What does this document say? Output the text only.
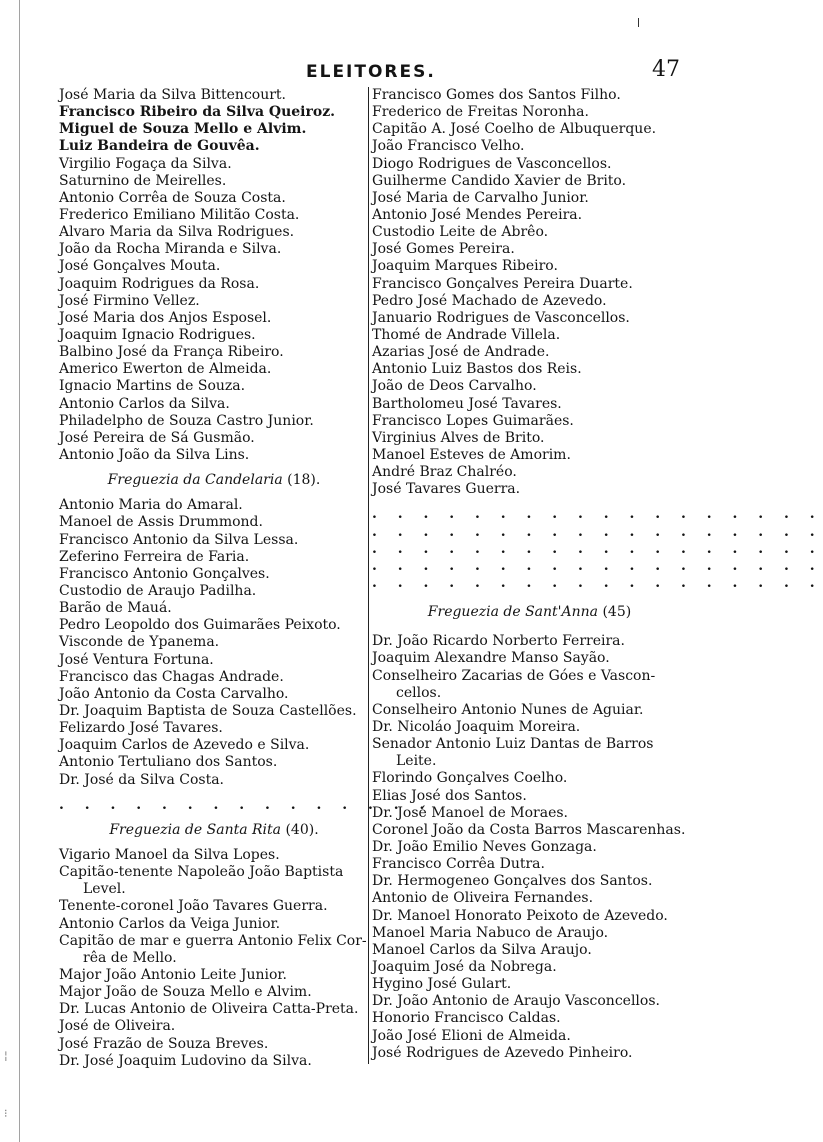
¦
⁝
ELEITORES.	47
José Maria da Silva Bittencourt.
Francisco Ribeiro da Silva Queiroz.
Miguel de Souza Mello e Alvim.
Luiz Bandeira de Gouvêa.
Virgilio Fogaça da Silva.
Saturnino de Meirelles.
Antonio Corrêa de Souza Costa.
Frederico Emiliano Militão Costa.
Alvaro Maria da Silva Rodrigues.
João da Rocha Miranda e Silva.
José Gonçalves Mouta.
Joaquim Rodrigues da Rosa.
José Firmino Vellez.
José Maria dos Anjos Esposel.
Joaquim Ignacio Rodrigues.
Balbino José da França Ribeiro.
Americo Ewerton de Almeida.
Ignacio Martins de Souza.
Antonio Carlos da Silva.
Philadelpho de Souza Castro Junior.
José Pereira de Sá Gusmão.
Antonio João da Silva Lins.
Freguezia da Candelaria (18).
Antonio Maria do Amaral.
Manoel de Assis Drummond.
Francisco Antonio da Silva Lessa.
Zeferino Ferreira de Faria.
Francisco Antonio Gonçalves.
Custodio de Araujo Padilha.
Barão de Mauá.
Pedro Leopoldo dos Guimarães Peixoto.
Visconde de Ypanema.
José Ventura Fortuna.
Francisco das Chagas Andrade.
João Antonio da Costa Carvalho.
Dr. Joaquim Baptista de Souza Castellões.
Felizardo José Tavares.
Joaquim Carlos de Azevedo e Silva.
Antonio Tertuliano dos Santos.
Dr. José da Silva Costa.
. . . . . . . . . . . . . . .
Freguezia de Santa Rita (40).
Vigario Manoel da Silva Lopes.
Capitão-tenente Napoleão João Baptista
Level.
Tenente-coronel João Tavares Guerra.
Antonio Carlos da Veiga Junior.
Capitão de mar e guerra Antonio Felix Cor-
rêa de Mello.
Major João Antonio Leite Junior.
Major João de Souza Mello e Alvim.
Dr. Lucas Antonio de Oliveira Catta-Preta.
José de Oliveira.
José Frazão de Souza Breves.
Dr. José Joaquim Ludovino da Silva.
Francisco Gomes dos Santos Filho.
Frederico de Freitas Noronha.
Capitão A. José Coelho de Albuquerque.
João Francisco Velho.
Diogo Rodrigues de Vasconcellos.
Guilherme Candido Xavier de Brito.
José Maria de Carvalho Junior.
Antonio José Mendes Pereira.
Custodio Leite de Abrêo.
José Gomes Pereira.
Joaquim Marques Ribeiro.
Francisco Gonçalves Pereira Duarte.
Pedro José Machado de Azevedo.
Januario Rodrigues de Vasconcellos.
Thomé de Andrade Villela.
Azarias José de Andrade.
Antonio Luiz Bastos dos Reis.
João de Deos Carvalho.
Bartholomeu José Tavares.
Francisco Lopes Guimarães.
Virginius Alves de Brito.
Manoel Esteves de Amorim.
André Braz Chalréo.
José Tavares Guerra.
. . . . . . . . . . . . . . . . . .
. . . . . . . . . . . . . . . . . .
. . . . . . . . . . . . . . . . . .
. . . . . . . . . . . . . . . . . .
. . . . . . . . . . . . . . . . . .
Freguezia de Sant'Anna (45)
Dr. João Ricardo Norberto Ferreira.
Joaquim Alexandre Manso Sayão.
Conselheiro Zacarias de Góes e Vascon-
cellos.
Conselheiro Antonio Nunes de Aguiar.
Dr. Nicoláo Joaquim Moreira.
Senador Antonio Luiz Dantas de Barros
Leite.
Florindo Gonçalves Coelho.
Elias José dos Santos.
Dr. José Manoel de Moraes.
Coronel João da Costa Barros Mascarenhas.
Dr. João Emilio Neves Gonzaga.
Francisco Corrêa Dutra.
Dr. Hermogeneo Gonçalves dos Santos.
Antonio de Oliveira Fernandes.
Dr. Manoel Honorato Peixoto de Azevedo.
Manoel Maria Nabuco de Araujo.
Manoel Carlos da Silva Araujo.
Joaquim José da Nobrega.
Hygino José Gulart.
Dr. João Antonio de Araujo Vasconcellos.
Honorio Francisco Caldas.
João José Elioni de Almeida.
José Rodrigues de Azevedo Pinheiro.
